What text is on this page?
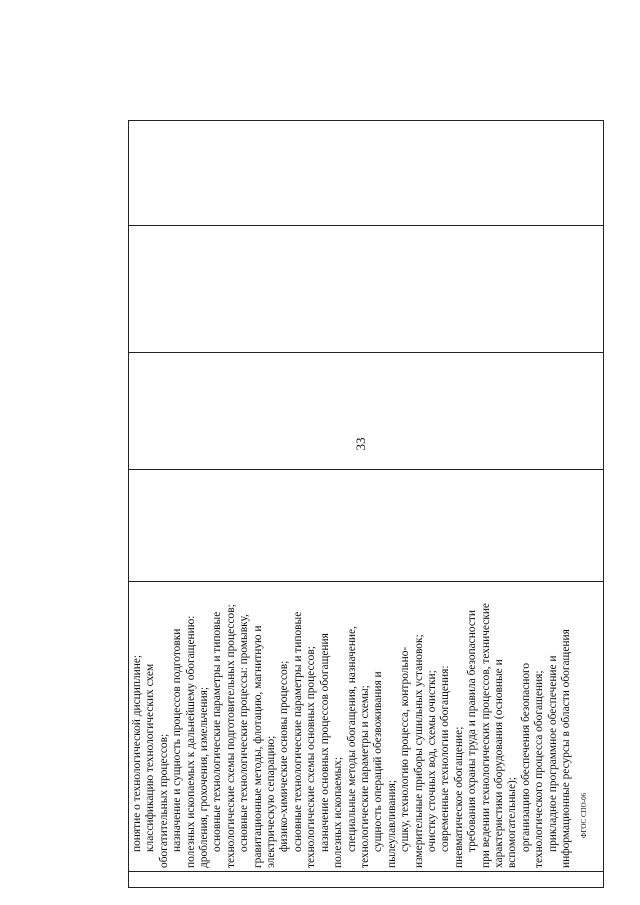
понятие о технологической дисциплине; классификацию технологических схем обогатительных процессов; назначение и сущность процессов подготовки полезных ископаемых к дальнейшему обогащению: дробления, грохочения, измельчения; основные технологические параметры и типовые технологические схемы подготовительных процессов; основные технологические процессы: промывку, гравитационные методы, флотацию, магнитную и электрическую сепарацию; физико-химические основы процессов; основные технологические параметры и типовые технологические схемы основных процессов; назначение основных процессов обогащения полезных ископаемых; специальные методы обогащения, назначение, технологические параметры и схемы; сущность операций обезвоживания и пылеулавливания; сушку, технологию процесса, контрольно- измерительные приборы сушильных установок; очистку сточных вод, схемы очистки; современные технологии обогащения: пневматическое обогащение; требования охраны труда и правила безопасности при ведении технологических процессов, технические характеристики оборудования (основные и вспомогательные); организацию обеспечения безопасного технологического процесса обогащения; прикладное программное обеспечение и информационные ресурсы в области обогащения
33
ФГОС СПО-06
